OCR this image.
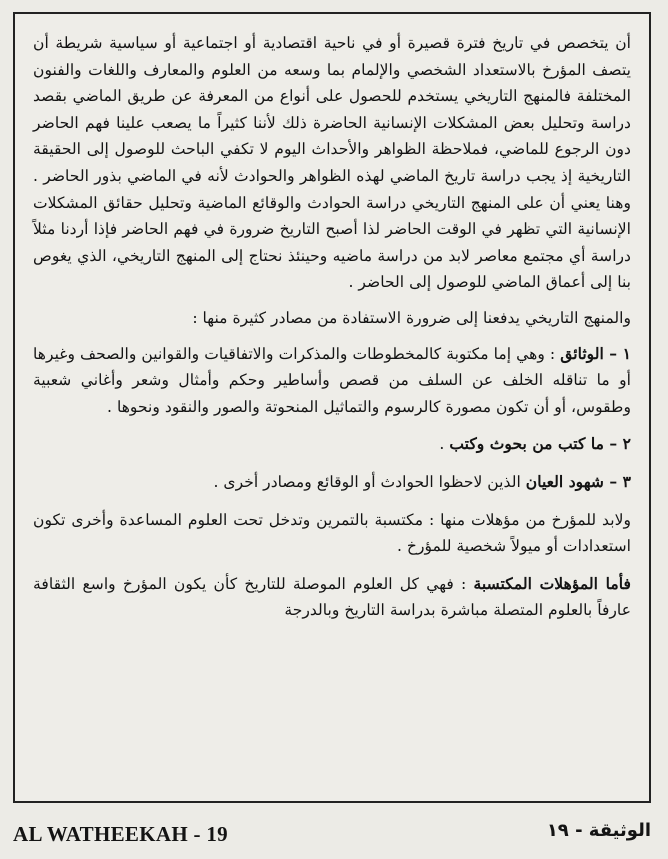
أن يتخصص في تاريخ فترة قصيرة أو في ناحية اقتصادية أو اجتماعية أو سياسية شريطة أن يتصف المؤرخ بالاستعداد الشخصي والإلمام بما وسعه من العلوم والمعارف واللغات والفنون المختلفة فالمنهج التاريخي يستخدم للحصول على أنواع من المعرفة عن طريق الماضي بقصد دراسة وتحليل بعض المشكلات الإنسانية الحاضرة ذلك لأننا كثيراً ما يصعب علينا فهم الحاضر دون الرجوع للماضي، فملاحظة الظواهر والأحداث اليوم لا تكفي الباحث للوصول إلى الحقيقة التاريخية إذ يجب دراسة تاريخ الماضي لهذه الظواهر والحوادث لأنه في الماضي بذور الحاضر . وهنا يعني أن على المنهج التاريخي دراسة الحوادث والوقائع الماضية وتحليل حقائق المشكلات الإنسانية التي تظهر في الوقت الحاضر لذا أصبح التاريخ ضرورة في فهم الحاضر فإذا أردنا مثلاً دراسة أي مجتمع معاصر لابد من دراسة ماضيه وحينئذ نحتاج إلى المنهج التاريخي، الذي يغوص بنا إلى أعماق الماضي للوصول إلى الحاضر .

والمنهج التاريخي يدفعنا إلى ضرورة الاستفادة من مصادر كثيرة منها :

١ – الوثائق : وهي إما مكتوبة كالمخطوطات والمذكرات والاتفاقيات والقوانين والصحف وغيرها أو ما تناقله الخلف عن السلف من قصص وأساطير وحكم وأمثال وشعر وأغاني شعبية وطقوس، أو أن تكون مصورة كالرسوم والتماثيل المنحوتة والصور والنقود ونحوها .

٢ – ما كتب من بحوث وكتب .

٣ – شهود العيان الذين لاحظوا الحوادث أو الوقائع ومصادر أخرى .

ولابد للمؤرخ من مؤهلات منها : مكتسبة بالتمرين وتدخل تحت العلوم المساعدة وأخرى تكون استعدادات أو ميولاً شخصية للمؤرخ .

فأما المؤهلات المكتسبة : فهي كل العلوم الموصلة للتاريخ كأن يكون المؤرخ واسع الثقافة عارفاً بالعلوم المتصلة مباشرة بدراسة التاريخ وبالدرجة

AL WATHEEKAH - 19	الوثيقة - ١٩
